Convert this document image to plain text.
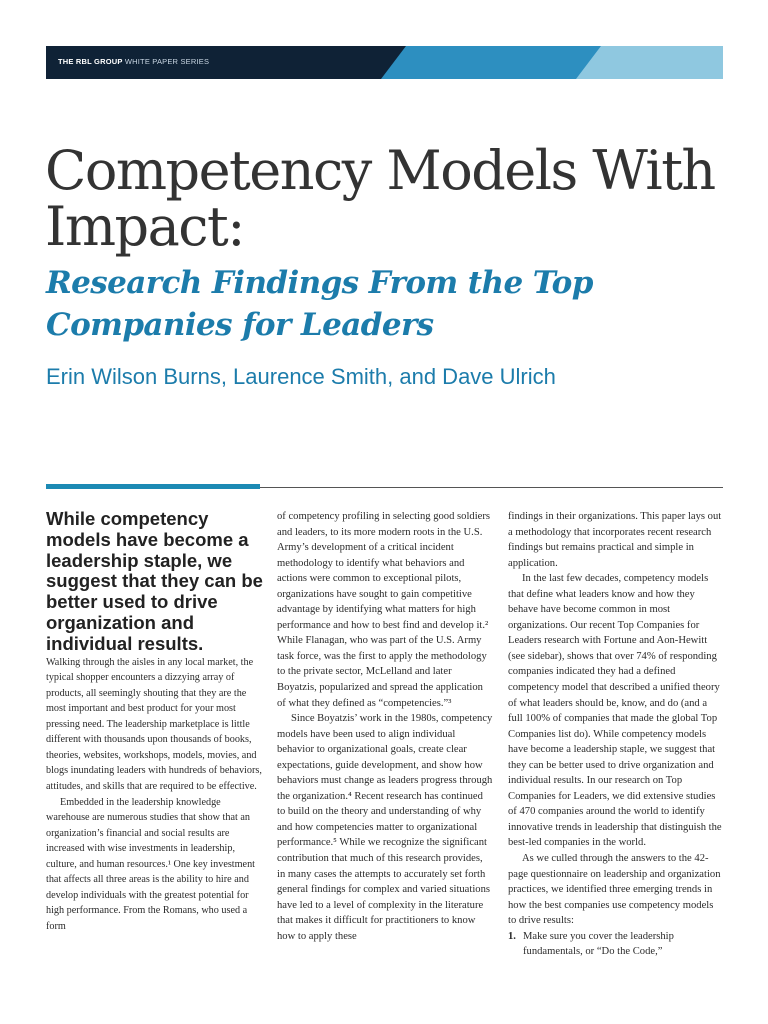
THE RBL GROUP WHITE PAPER SERIES
Competency Models With Impact:
Research Findings From the Top Companies for Leaders

Erin Wilson Burns, Laurence Smith, and Dave Ulrich

While competency models have become a leadership staple, we suggest that they can be better used to drive organization and individual results.

Walking through the aisles in any local market, the typical shopper encounters a dizzying array of products, all seemingly shouting that they are the most important and best product for your most pressing need. The leadership marketplace is little different with thousands upon thousands of books, theories, websites, workshops, models, movies, and blogs inundating leaders with hundreds of behaviors, attitudes, and skills that are required to be effective.

Embedded in the leadership knowledge warehouse are numerous studies that show that an organization’s financial and social results are increased with wise investments in leadership, culture, and human resources.¹ One key investment that affects all three areas is the ability to hire and develop individuals with the greatest potential for high performance. From the Romans, who used a form

of competency profiling in selecting good soldiers and leaders, to its more modern roots in the U.S. Army’s development of a critical incident methodology to identify what behaviors and actions were common to exceptional pilots, organizations have sought to gain competitive advantage by identifying what matters for high performance and how to best find and develop it.² While Flanagan, who was part of the U.S. Army task force, was the first to apply the methodology to the private sector, McLelland and later Boyatzis, popularized and spread the application of what they defined as “competencies.”³

Since Boyatzis’ work in the 1980s, competency models have been used to align individual behavior to organizational goals, create clear expectations, guide development, and show how behaviors must change as leaders progress through the organization.⁴ Recent research has continued to build on the theory and understanding of why and how competencies matter to organizational performance.⁵ While we recognize the significant contribution that much of this research provides, in many cases the attempts to accurately set forth general findings for complex and varied situations have led to a level of complexity in the literature that makes it difficult for practitioners to know how to apply these

findings in their organizations. This paper lays out a methodology that incorporates recent research findings but remains practical and simple in application.

In the last few decades, competency models that define what leaders know and how they behave have become common in most organizations. Our recent Top Companies for Leaders research with Fortune and Aon-Hewitt (see sidebar), shows that over 74% of responding companies indicated they had a defined competency model that described a unified theory of what leaders should be, know, and do (and a full 100% of companies that made the global Top Companies list do). While competency models have become a leadership staple, we suggest that they can be better used to drive organization and individual results. In our research on Top Companies for Leaders, we did extensive studies of 470 companies around the world to identify innovative trends in leadership that distinguish the best-led companies in the world.

As we culled through the answers to the 42-page questionnaire on leadership and organization practices, we identified three emerging trends in how the best companies use competency models to drive results:

1. Make sure you cover the leadership fundamentals, or “Do the Code,”
